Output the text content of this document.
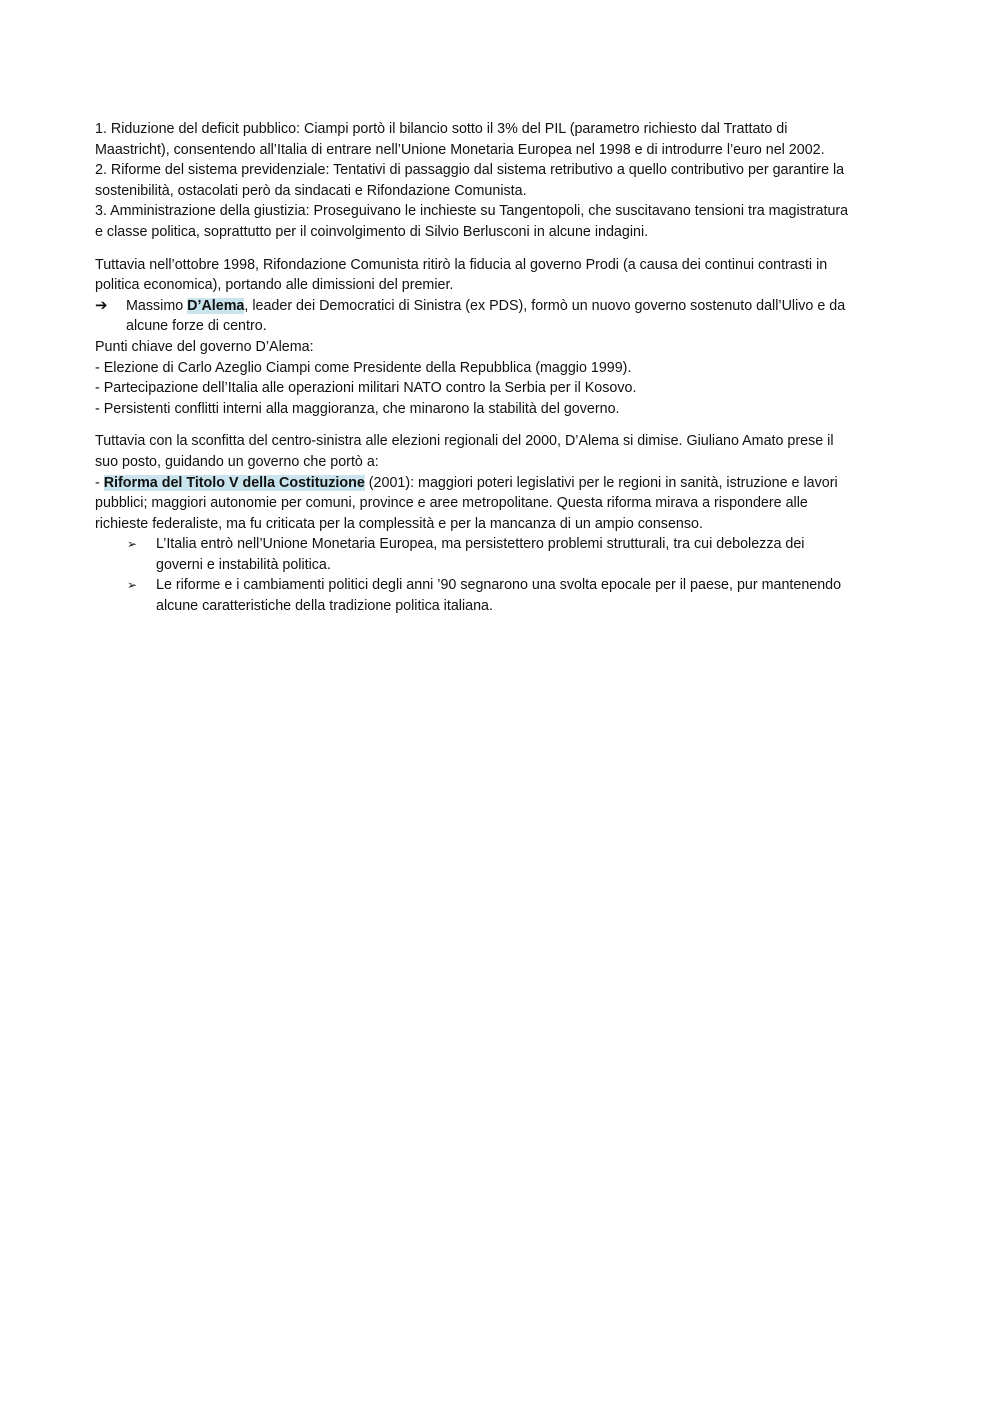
1. Riduzione del deficit pubblico: Ciampi portò il bilancio sotto il 3% del PIL (parametro richiesto dal Trattato di
Maastricht), consentendo all’Italia di entrare nell’Unione Monetaria Europea nel 1998 e di introdurre l’euro nel 2002.
2. Riforme del sistema previdenziale: Tentativi di passaggio dal sistema retributivo a quello contributivo per garantire la
sostenibilità, ostacolati però da sindacati e Rifondazione Comunista.
3. Amministrazione della giustizia: Proseguivano le inchieste su Tangentopoli, che suscitavano tensioni tra magistratura
e classe politica, soprattutto per il coinvolgimento di Silvio Berlusconi in alcune indagini.
Tuttavia nell’ottobre 1998, Rifondazione Comunista ritirò la fiducia al governo Prodi (a causa dei continui contrasti in
politica economica), portando alle dimissioni del premier.
➔ Massimo D’Alema, leader dei Democratici di Sinistra (ex PDS), formò un nuovo governo sostenuto dall’Ulivo e da
alcune forze di centro.
Punti chiave del governo D’Alema:
- Elezione di Carlo Azeglio Ciampi come Presidente della Repubblica (maggio 1999).
- Partecipazione dell’Italia alle operazioni militari NATO contro la Serbia per il Kosovo.
- Persistenti conflitti interni alla maggioranza, che minarono la stabilità del governo.
Tuttavia con la sconfitta del centro-sinistra alle elezioni regionali del 2000, D’Alema si dimise. Giuliano Amato prese il
suo posto, guidando un governo che portò a:
- Riforma del Titolo V della Costituzione (2001): maggiori poteri legislativi per le regioni in sanità, istruzione e lavori
pubblici; maggiori autonomie per comuni, province e aree metropolitane. Questa riforma mirava a rispondere alle
richieste federaliste, ma fu criticata per la complessità e per la mancanza di un ampio consenso.
➢ L’Italia entrò nell’Unione Monetaria Europea, ma persistettero problemi strutturali, tra cui debolezza dei
governi e instabilità politica.
➢ Le riforme e i cambiamenti politici degli anni ’90 segnarono una svolta epocale per il paese, pur mantenendo
alcune caratteristiche della tradizione politica italiana.
